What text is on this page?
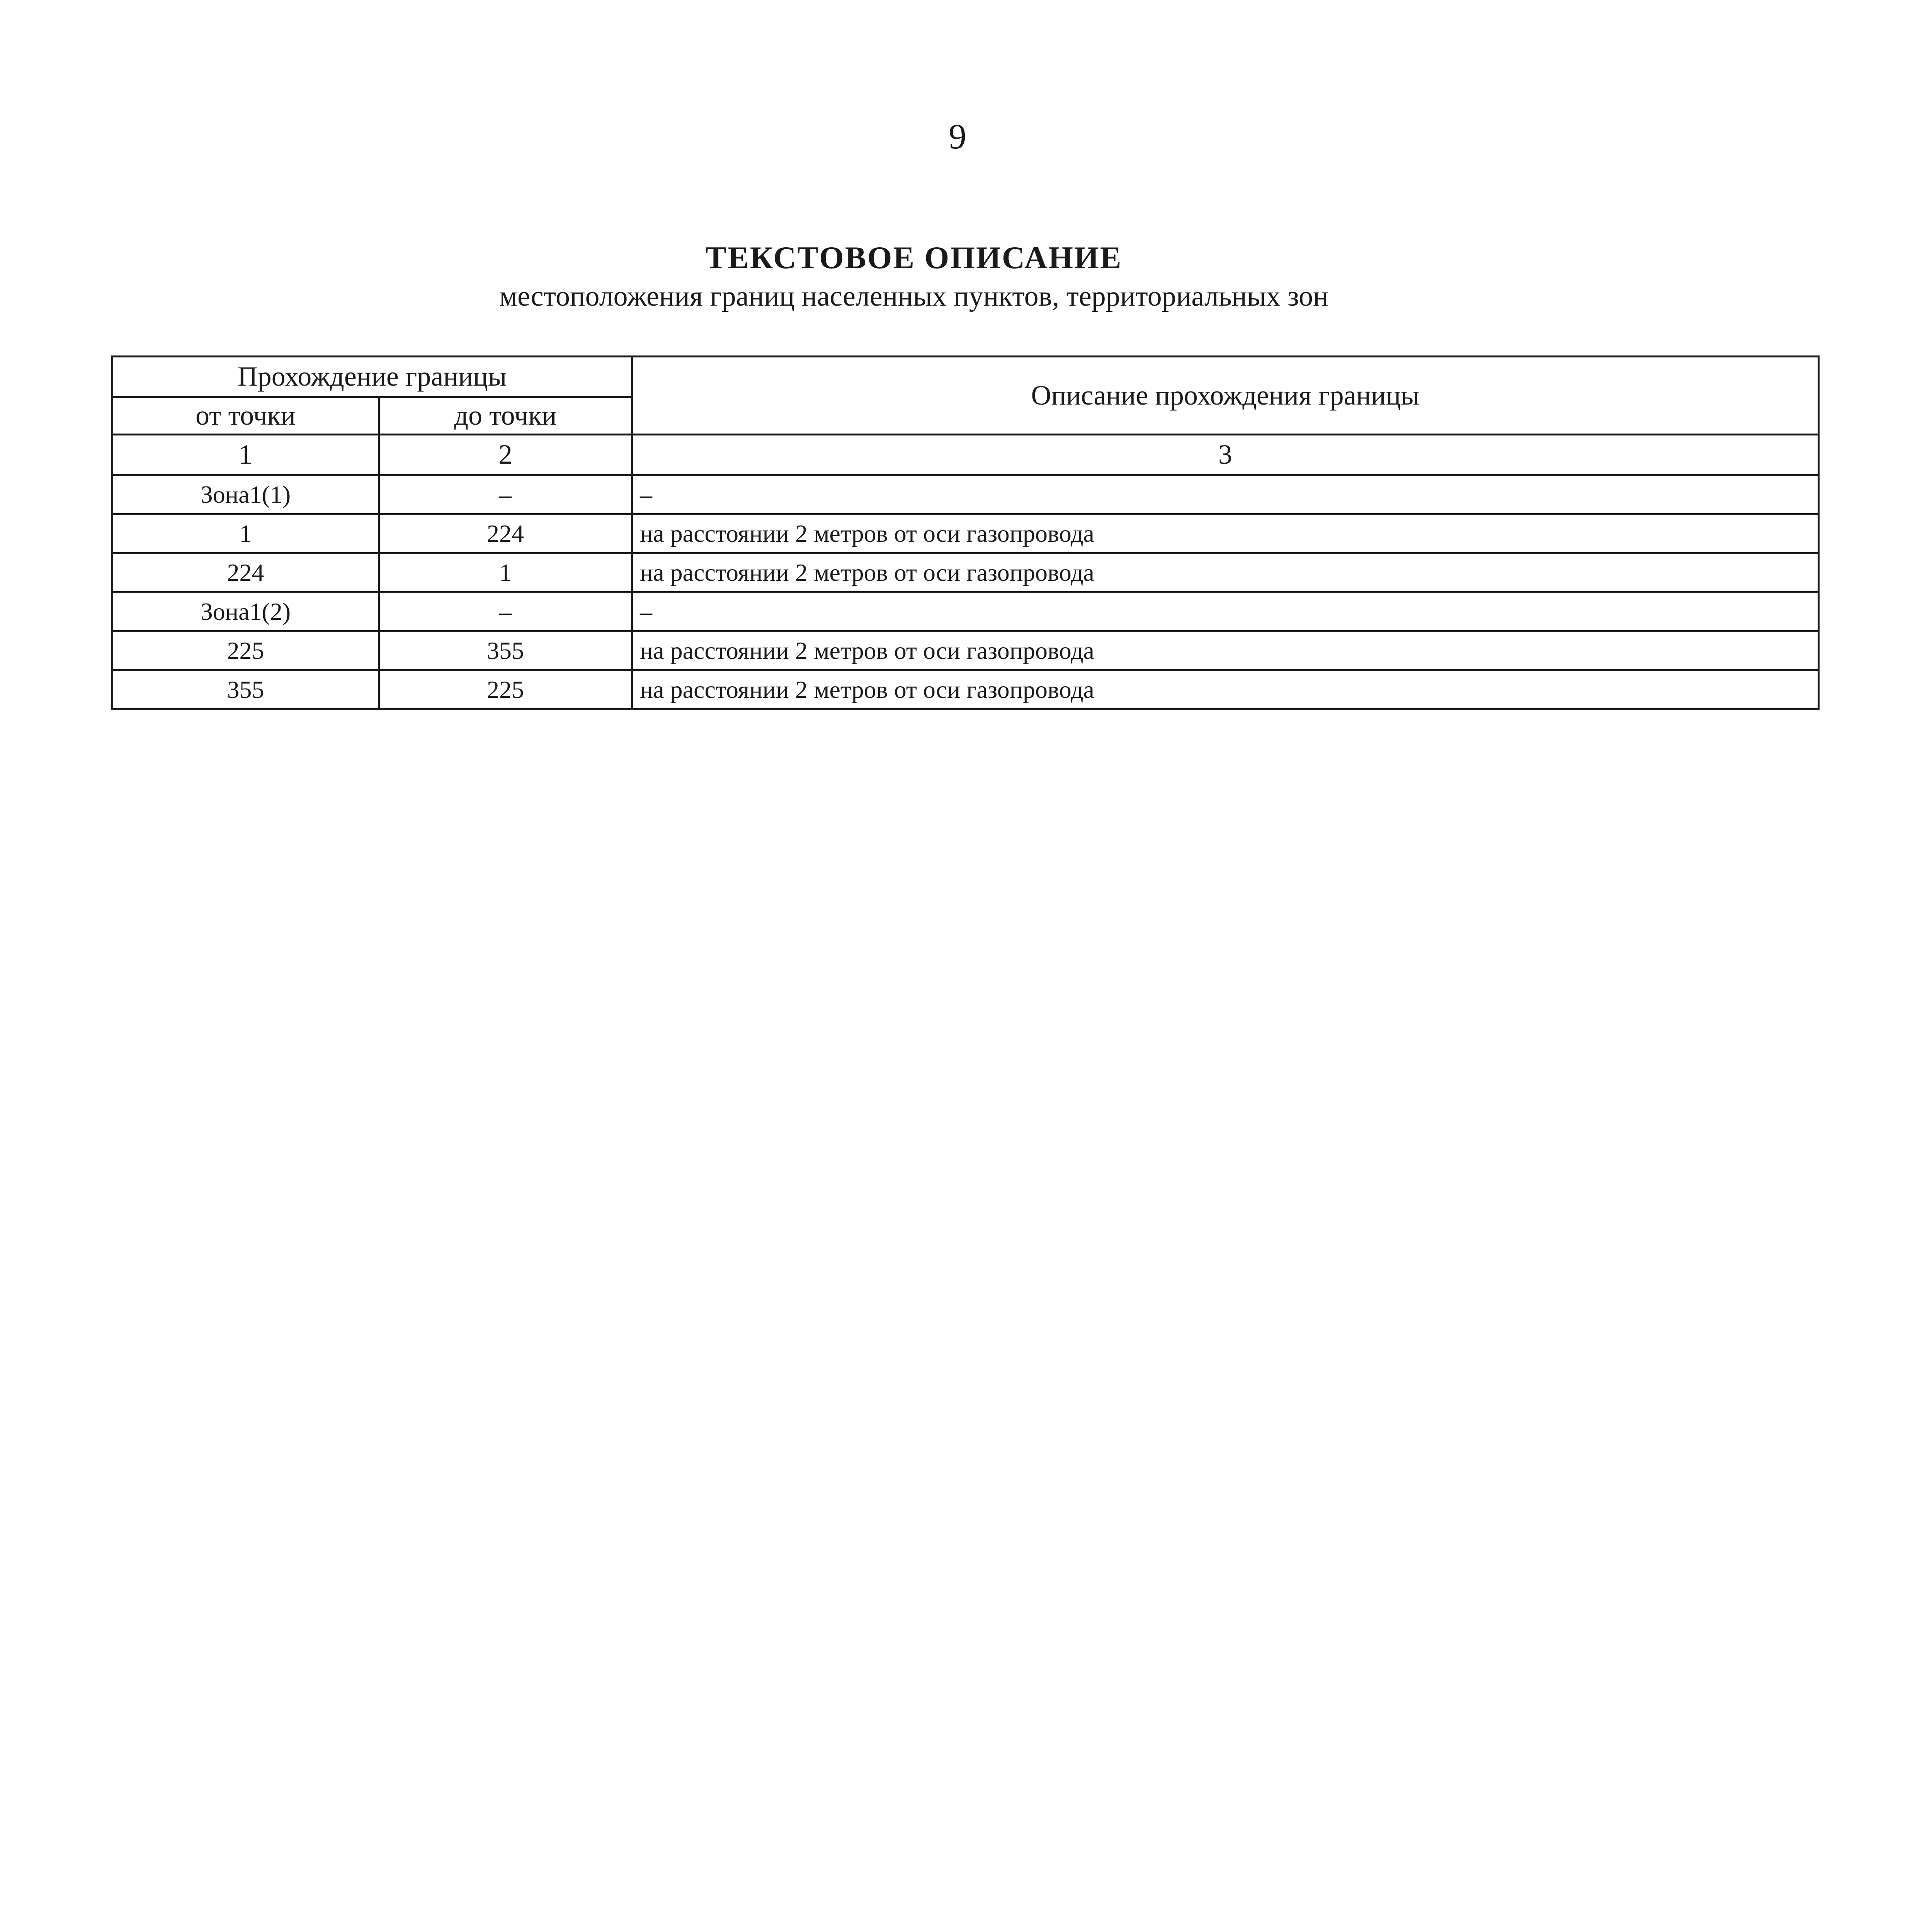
9
ТЕКСТОВОЕ ОПИСАНИЕ
местоположения границ населенных пунктов, территориальных зон
Прохождение границы		Описание прохождения границы
от точки	до точки	
1	2	3
Зона1(1)	–	–
1	224	на расстоянии 2 метров от оси газопровода
224	1	на расстоянии 2 метров от оси газопровода
Зона1(2)	–	–
225	355	на расстоянии 2 метров от оси газопровода
355	225	на расстоянии 2 метров от оси газопровода
